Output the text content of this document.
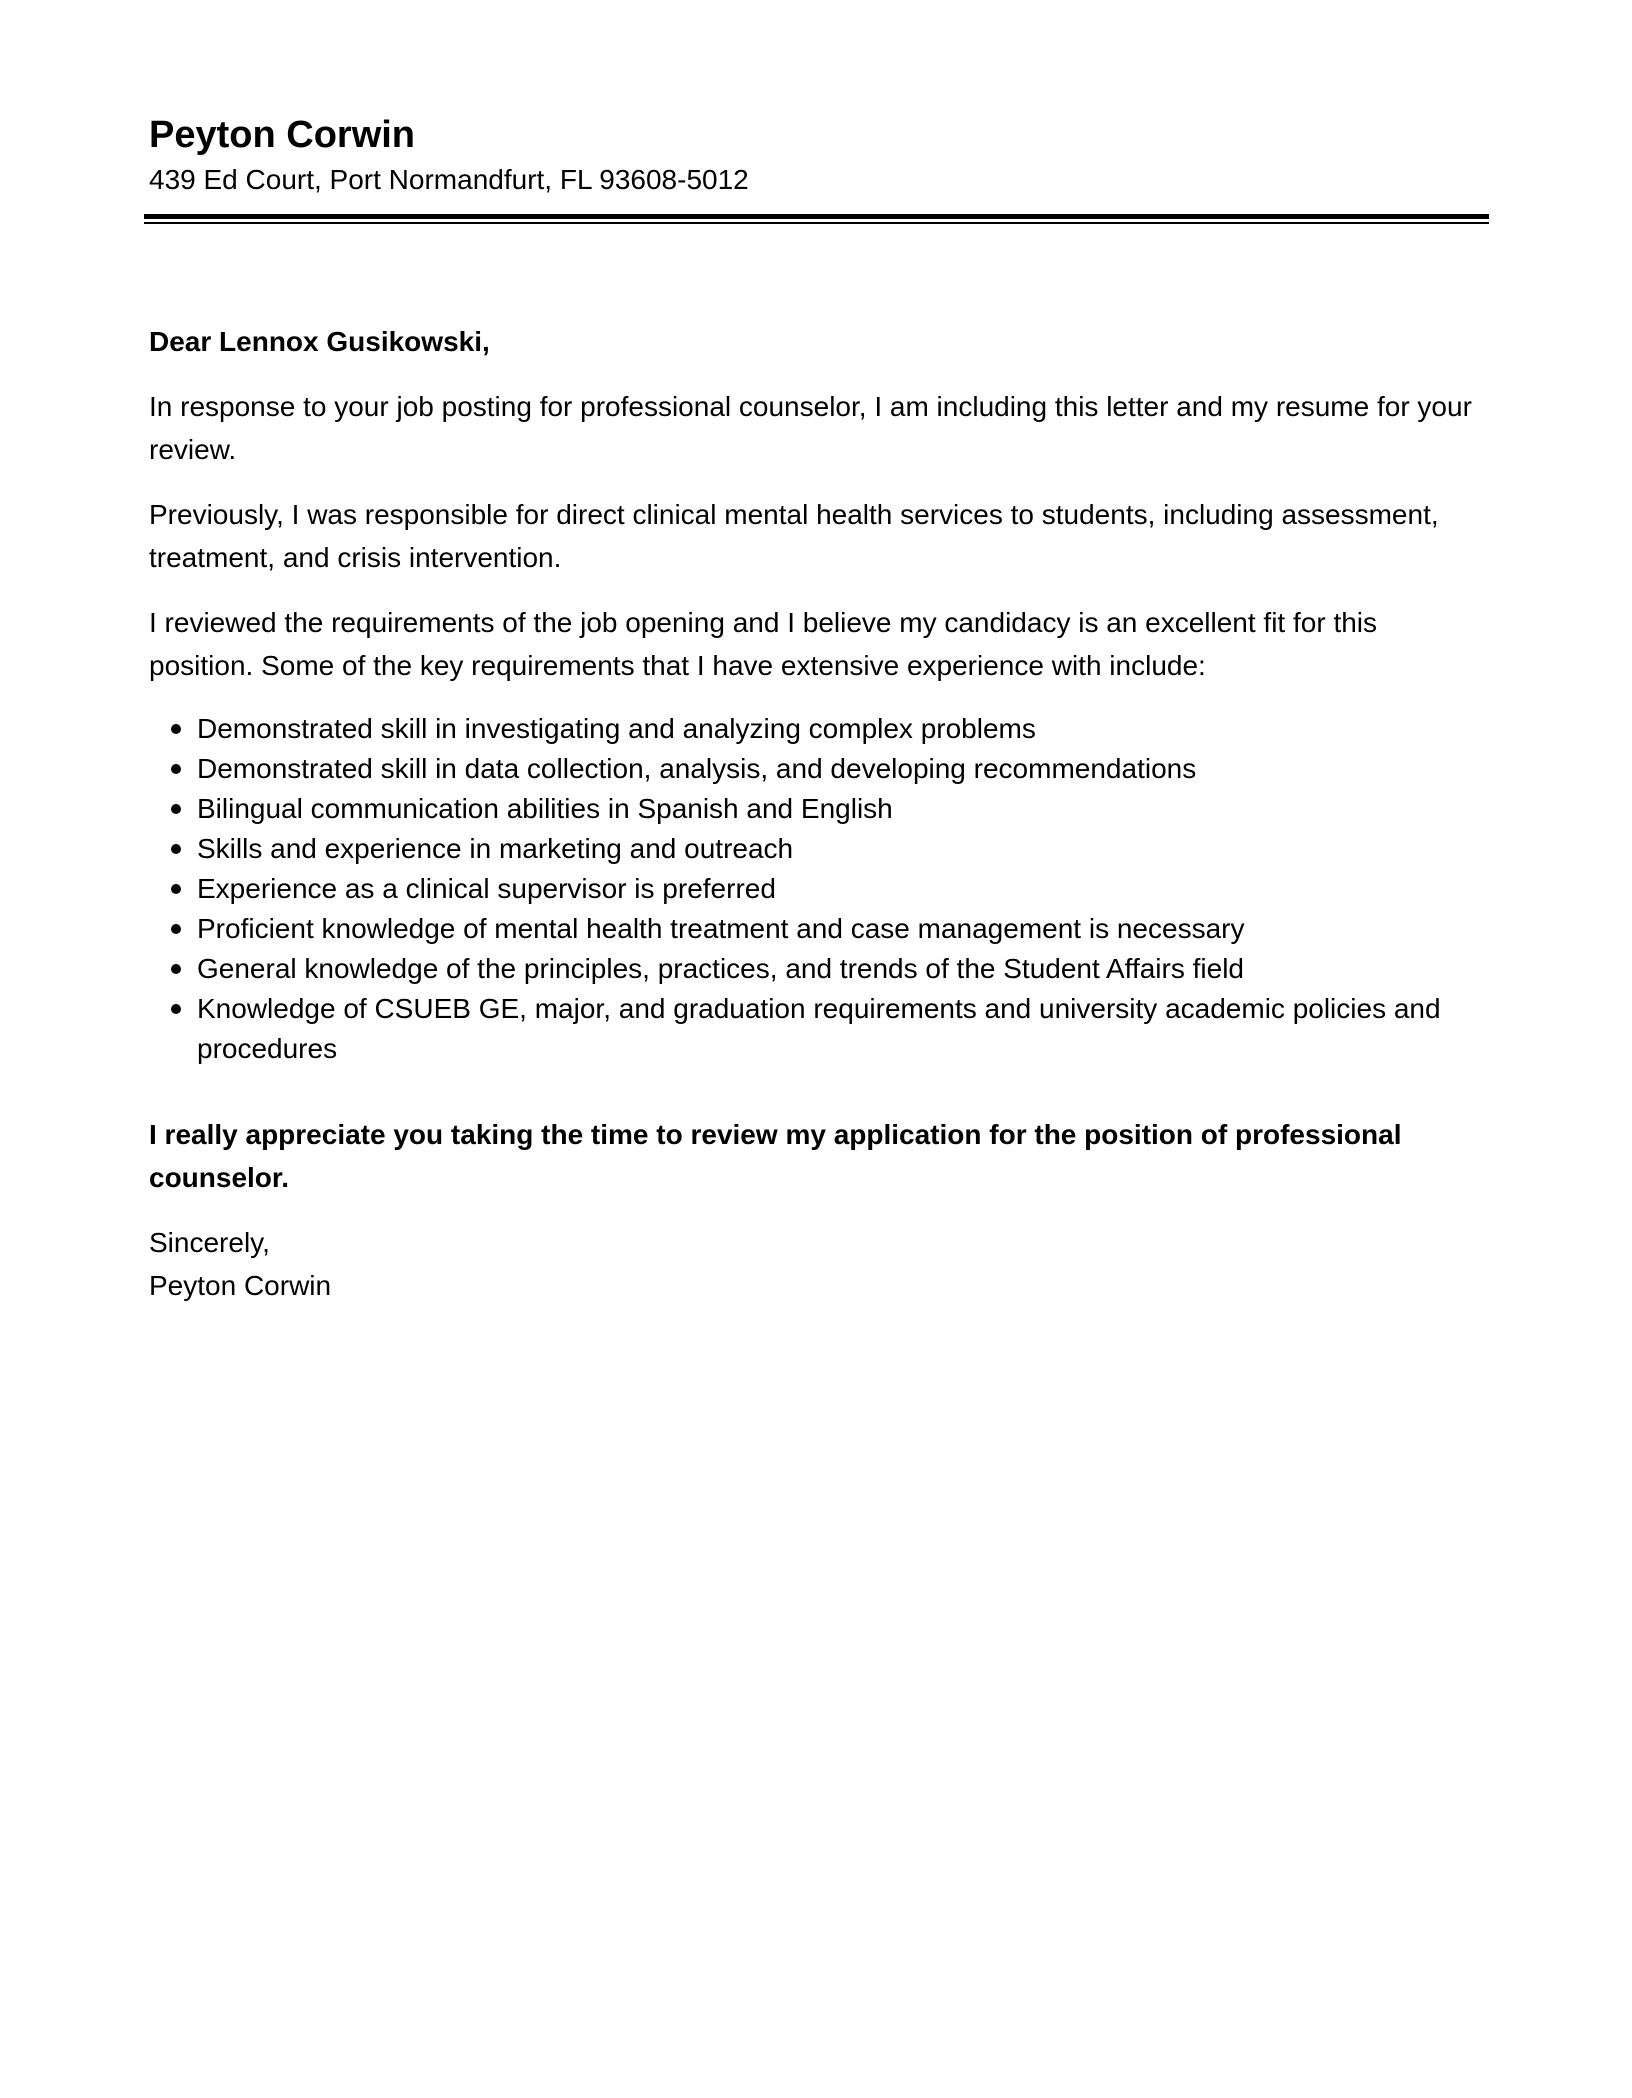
Peyton Corwin

439 Ed Court, Port Normandfurt, FL 93608-5012

Dear Lennox Gusikowski,

In response to your job posting for professional counselor, I am including this letter and my resume for your review.

Previously, I was responsible for direct clinical mental health services to students, including assessment, treatment, and crisis intervention.

I reviewed the requirements of the job opening and I believe my candidacy is an excellent fit for this position. Some of the key requirements that I have extensive experience with include:

Demonstrated skill in investigating and analyzing complex problems
Demonstrated skill in data collection, analysis, and developing recommendations
Bilingual communication abilities in Spanish and English
Skills and experience in marketing and outreach
Experience as a clinical supervisor is preferred
Proficient knowledge of mental health treatment and case management is necessary
General knowledge of the principles, practices, and trends of the Student Affairs field
Knowledge of CSUEB GE, major, and graduation requirements and university academic policies and procedures

I really appreciate you taking the time to review my application for the position of professional counselor.

Sincerely,

Peyton Corwin
